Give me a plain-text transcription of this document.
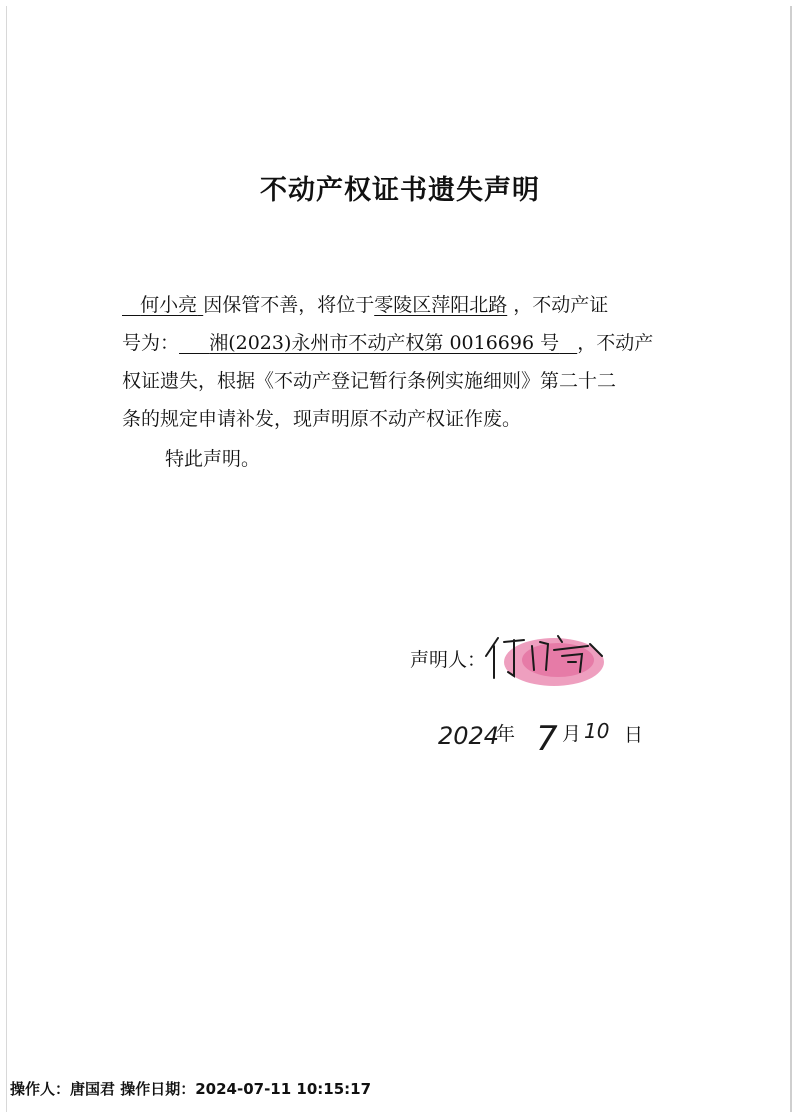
不动产权证书遗失声明
何小亮 因保管不善，将位于零陵区萍阳北路 ，不动产证
号为： 湘(2023)永州市不动产权第 0016696 号 ，不动产
权证遗失，根据《不动产登记暂行条例实施细则》第二十二
条的规定申请补发，现声明原不动产权证作废。
特此声明。
声明人：
2024
年 7 月 10 日
操作人：唐国君 操作日期：2024-07-11 10:15:17
